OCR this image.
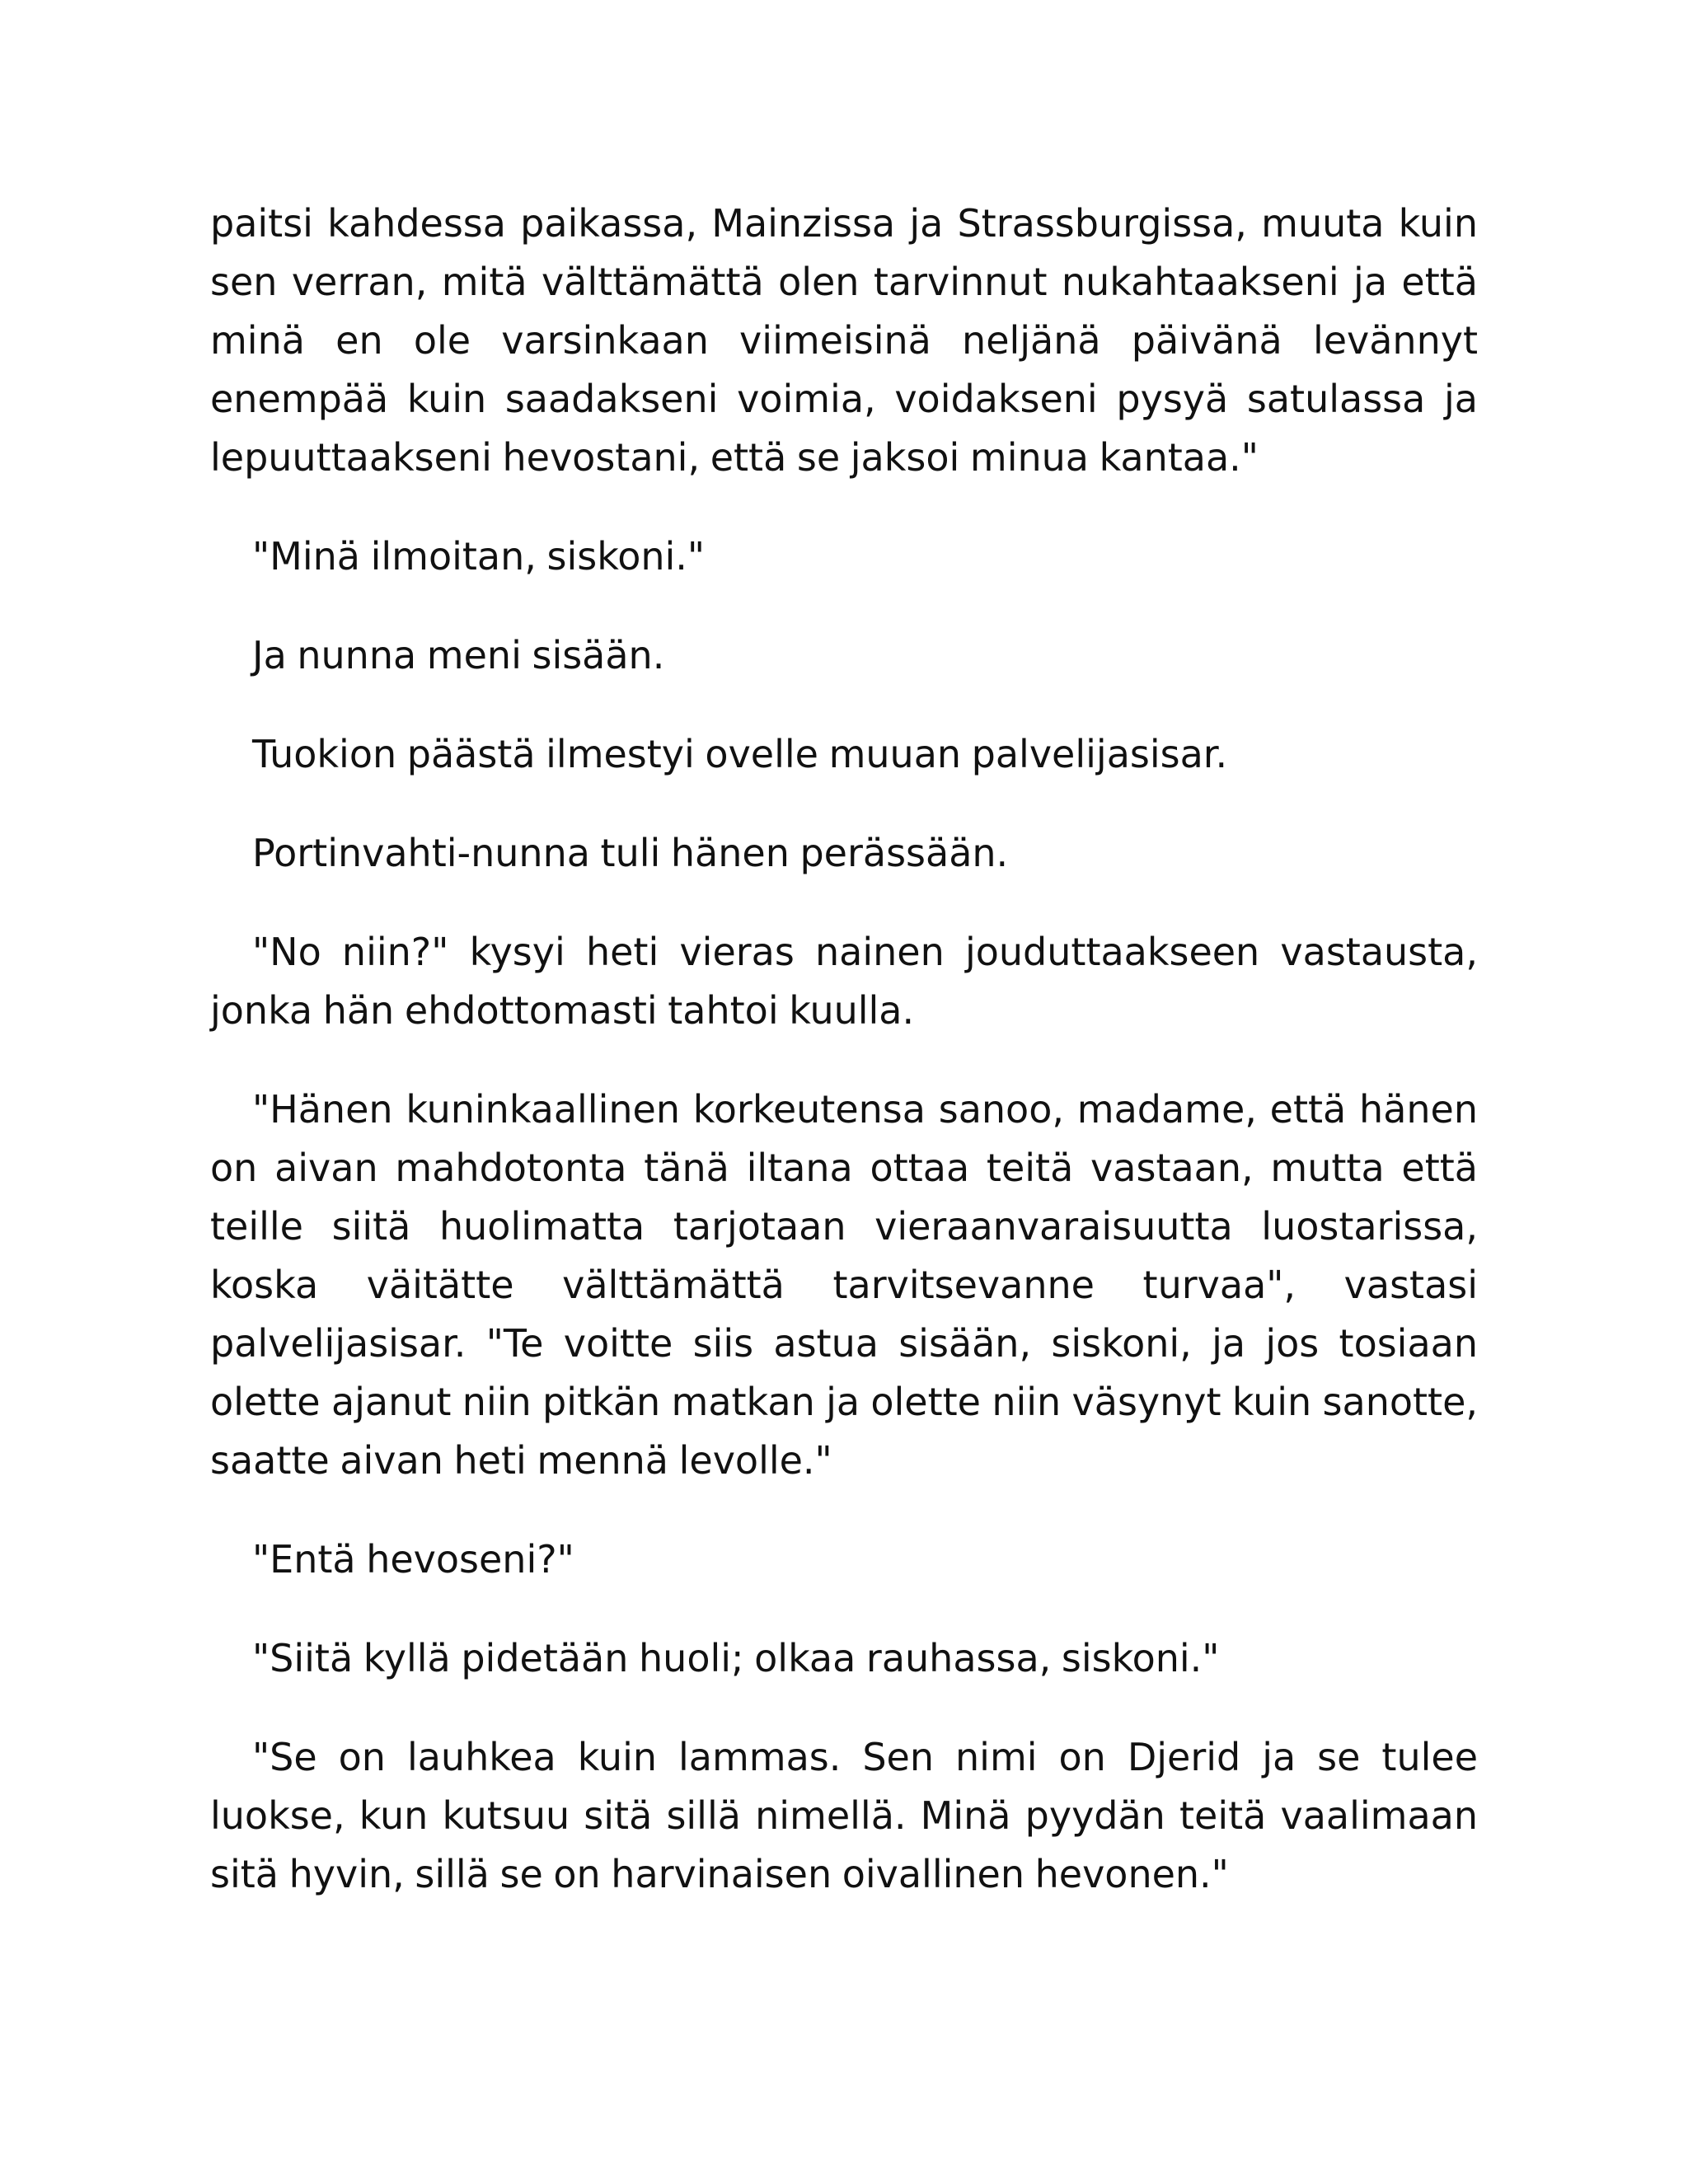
paitsi kahdessa paikassa, Mainzissa ja Strassburgissa, muuta kuin sen verran, mitä välttämättä olen tarvinnut nukahtaakseni ja että minä en ole varsinkaan viimeisinä neljänä päivänä levännyt enempää kuin saadakseni voimia, voidakseni pysyä satulassa ja lepuuttaakseni hevostani, että se jaksoi minua kantaa."

"Minä ilmoitan, siskoni."

Ja nunna meni sisään.

Tuokion päästä ilmestyi ovelle muuan palvelijasisar.

Portinvahti-nunna tuli hänen perässään.

"No niin?" kysyi heti vieras nainen jouduttaakseen vastausta, jonka hän ehdottomasti tahtoi kuulla.

"Hänen kuninkaallinen korkeutensa sanoo, madame, että hänen on aivan mahdotonta tänä iltana ottaa teitä vastaan, mutta että teille siitä huolimatta tarjotaan vieraanvaraisuutta luostarissa, koska väitätte välttämättä tarvitsevanne turvaa", vastasi palvelijasisar. "Te voitte siis astua sisään, siskoni, ja jos tosiaan olette ajanut niin pitkän matkan ja olette niin väsynyt kuin sanotte, saatte aivan heti mennä levolle."

"Entä hevoseni?"

"Siitä kyllä pidetään huoli; olkaa rauhassa, siskoni."

"Se on lauhkea kuin lammas. Sen nimi on Djerid ja se tulee luokse, kun kutsuu sitä sillä nimellä. Minä pyydän teitä vaalimaan sitä hyvin, sillä se on harvinaisen oivallinen hevonen."
